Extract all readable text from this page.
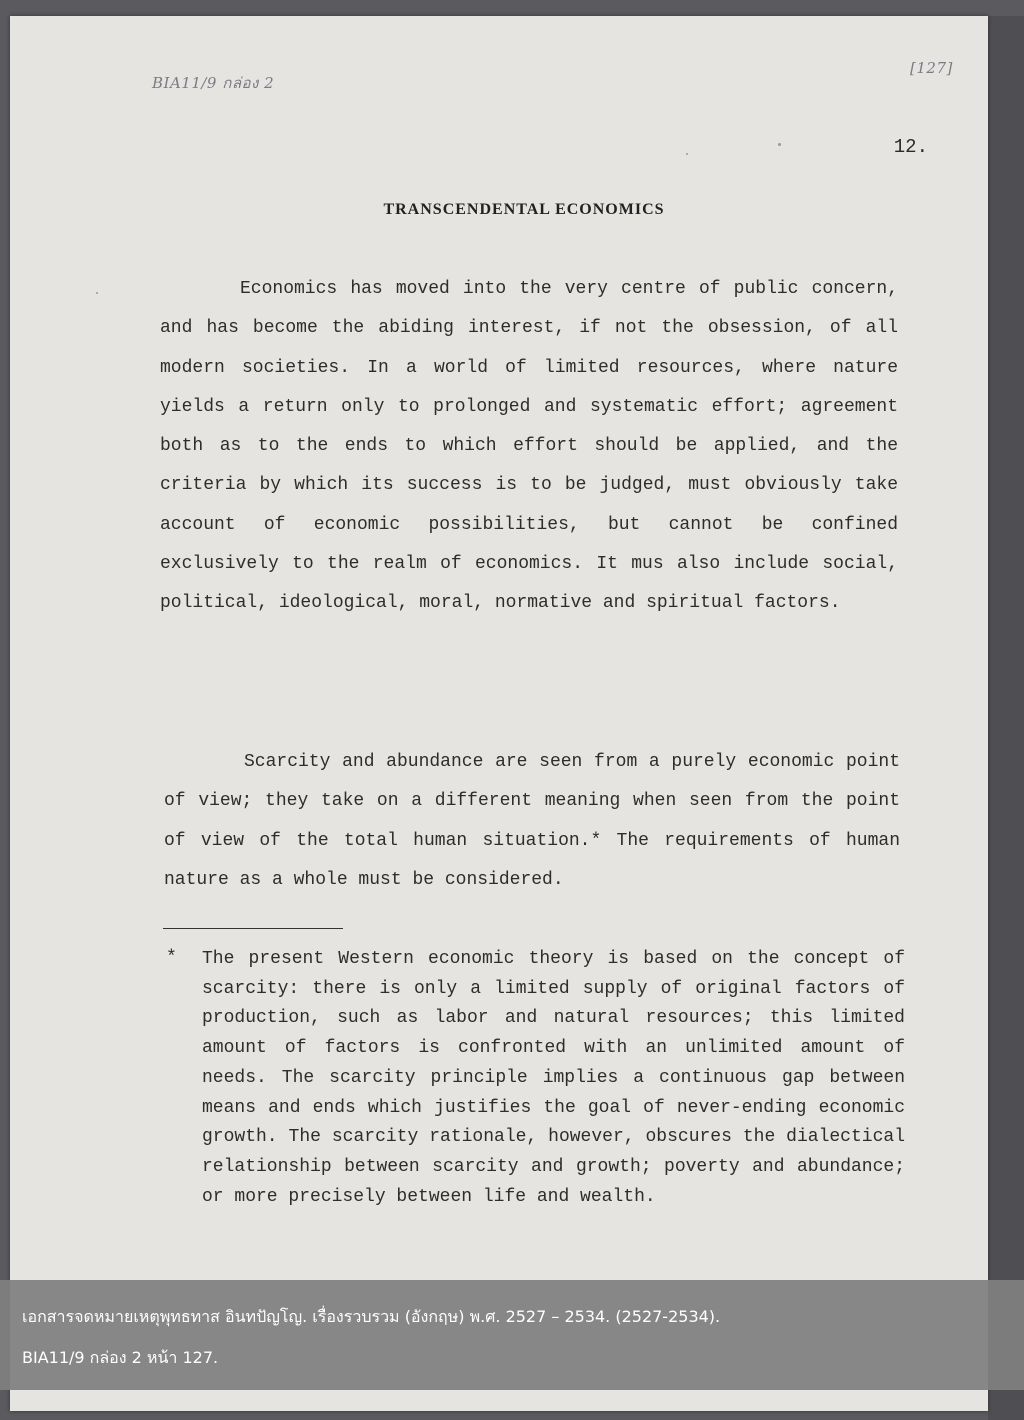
BIA11/9 กล่อง 2
[127]
12.
TRANSCENDENTAL ECONOMICS

Economics has moved into the very centre of public concern, and has become the abiding interest, if not the obsession, of all modern societies. In a world of limited resources, where nature yields a return only to prolonged and systematic effort; agreement both as to the ends to which effort should be applied, and the criteria by which its success is to be judged, must obviously take account of economic possibilities, but cannot be confined exclusively to the realm of economics. It mus also include social, political, ideological, moral, normative and spiritual factors.

Scarcity and abundance are seen from a purely economic point of view; they take on a different meaning when seen from the point of view of the total human situation.* The requirements of human nature as a whole must be considered.

* The present Western economic theory is based on the concept of scarcity: there is only a limited supply of original factors of production, such as labor and natural resources; this limited amount of factors is confronted with an unlimited amount of needs. The scarcity principle implies a continuous gap between means and ends which justifies the goal of never-ending economic growth. The scarcity rationale, however, obscures the dialectical relationship between scarcity and growth; poverty and abundance; or more precisely between life and wealth.

เอกสารจดหมายเหตุพุทธทาส อินทปัญโญ. เรื่องรวบรวม (อังกฤษ) พ.ศ. 2527 – 2534. (2527-2534).

BIA11/9 กล่อง 2 หน้า 127.
